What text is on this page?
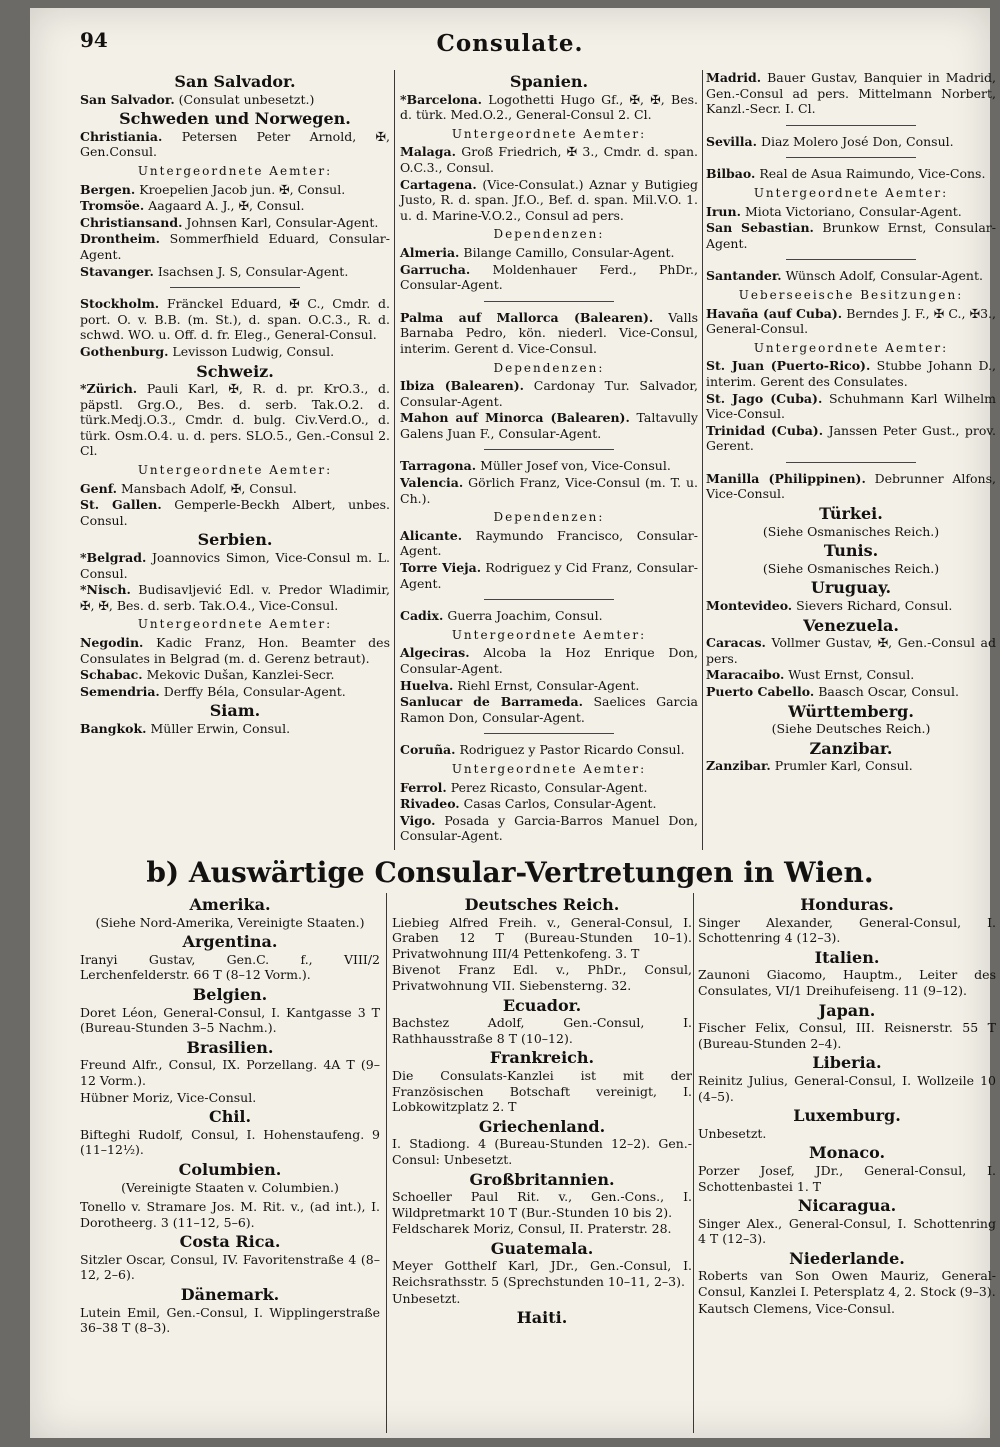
94	Consulate.
San Salvador.
San Salvador. (Consulat unbesetzt.)
Schweden und Norwegen.
Christiania. Petersen Peter Arnold, ✠, Gen.Consul.
Untergeordnete Aemter:
Bergen. Kroepelien Jacob jun. ✠, Consul.
Tromsöe. Aagaard A. J., ✠, Consul.
Christiansand. Johnsen Karl, Consular-Agent.
Drontheim. Sommerfhield Eduard, Consular-Agent.
Stavanger. Isachsen J. S, Consular-Agent.
Stockholm. Fränckel Eduard, ✠ C., Cmdr. d. port. O. v. B.B. (m. St.), d. span. O.C.3., R. d. schwd. WO. u. Off. d. fr. Eleg., General-Consul.
Gothenburg. Levisson Ludwig, Consul.
Schweiz.
*Zürich. Pauli Karl, ✠, R. d. pr. KrO.3., d. päpstl. Grg.O., Bes. d. serb. Tak.O.2. d. türk.Medj.O.3., Cmdr. d. bulg. Civ.Verd.O., d. türk. Osm.O.4. u. d. pers. SLO.5., Gen.-Consul 2. Cl.
Untergeordnete Aemter:
Genf. Mansbach Adolf, ✠, Consul.
St. Gallen. Gemperle-Beckh Albert, unbes. Consul.
Serbien.
*Belgrad. Joannovics Simon, Vice-Consul m. L. Consul.
*Nisch. Budisavljević Edl. v. Predor Wladimir, ✠, ✠, Bes. d. serb. Tak.O.4., Vice-Consul.
Untergeordnete Aemter:
Negodin. Kadic Franz, Hon. Beamter des Consulates in Belgrad (m. d. Gerenz betraut).
Schabac. Mekovic Dušan, Kanzlei-Secr.
Semendria. Derffy Béla, Consular-Agent.
Siam.
Bangkok. Müller Erwin, Consul.
Spanien.
*Barcelona. Logothetti Hugo Gf., ✠, ✠, Bes. d. türk. Med.O.2., General-Consul 2. Cl.
Untergeordnete Aemter:
Malaga. Groß Friedrich, ✠ 3., Cmdr. d. span. O.C.3., Consul.
Cartagena. (Vice-Consulat.) Aznar y Butigieg Justo, R. d. span. Jf.O., Bef. d. span. Mil.V.O. 1. u. d. Marine-V.O.2., Consul ad pers.
Dependenzen:
Almeria. Bilange Camillo, Consular-Agent.
Garrucha. Moldenhauer Ferd., PhDr., Consular-Agent.
Palma auf Mallorca (Balearen). Valls Barnaba Pedro, kön. niederl. Vice-Consul, interim. Gerent d. Vice-Consul.
Dependenzen:
Ibiza (Balearen). Cardonay Tur. Salvador, Consular-Agent.
Mahon auf Minorca (Balearen). Taltavully Galens Juan F., Consular-Agent.
Tarragona. Müller Josef von, Vice-Consul.
Valencia. Görlich Franz, Vice-Consul (m. T. u. Ch.).
Dependenzen:
Alicante. Raymundo Francisco, Consular-Agent.
Torre Vieja. Rodriguez y Cid Franz, Consular-Agent.
Cadix. Guerra Joachim, Consul.
Untergeordnete Aemter:
Algeciras. Alcoba la Hoz Enrique Don, Consular-Agent.
Huelva. Riehl Ernst, Consular-Agent.
Sanlucar de Barrameda. Saelices Garcia Ramon Don, Consular-Agent.
Coruña. Rodriguez y Pastor Ricardo Consul.
Untergeordnete Aemter:
Ferrol. Perez Ricasto, Consular-Agent.
Rivadeo. Casas Carlos, Consular-Agent.
Vigo. Posada y Garcia-Barros Manuel Don, Consular-Agent.
Madrid. Bauer Gustav, Banquier in Madrid, Gen.-Consul ad pers. Mittelmann Norbert, Kanzl.-Secr. I. Cl.
Sevilla. Diaz Molero José Don, Consul.
Bilbao. Real de Asua Raimundo, Vice-Cons.
Untergeordnete Aemter:
Irun. Miota Victoriano, Consular-Agent.
San Sebastian. Brunkow Ernst, Consular-Agent.
Santander. Wünsch Adolf, Consular-Agent.
Ueberseeische Besitzungen:
Havaña (auf Cuba). Berndes J. F., ✠ C., ✠3., General-Consul.
Untergeordnete Aemter:
St. Juan (Puerto-Rico). Stubbe Johann D., interim. Gerent des Consulates.
St. Jago (Cuba). Schuhmann Karl Wilhelm Vice-Consul.
Trinidad (Cuba). Janssen Peter Gust., prov. Gerent.
Manilla (Philippinen). Debrunner Alfons, Vice-Consul.
Türkei.
(Siehe Osmanisches Reich.)
Tunis.
(Siehe Osmanisches Reich.)
Uruguay.
Montevideo. Sievers Richard, Consul.
Venezuela.
Caracas. Vollmer Gustav, ✠, Gen.-Consul ad pers.
Maracaibo. Wust Ernst, Consul.
Puerto Cabello. Baasch Oscar, Consul.
Württemberg.
(Siehe Deutsches Reich.)
Zanzibar.
Zanzibar. Prumler Karl, Consul.
b) Auswärtige Consular-Vertretungen in Wien.
Amerika.
(Siehe Nord-Amerika, Vereinigte Staaten.)
Argentina.
Iranyi Gustav, Gen.C. f., VIII/2 Lerchenfelderstr. 66 T (8–12 Vorm.).
Belgien.
Doret Léon, General-Consul, I. Kantgasse 3 T (Bureau-Stunden 3–5 Nachm.).
Brasilien.
Freund Alfr., Consul, IX. Porzellang. 4A T (9–12 Vorm.).
Hübner Moriz, Vice-Consul.
Chil.
Bifteghi Rudolf, Consul, I. Hohenstaufeng. 9 (11–12½).
Columbien.
(Vereinigte Staaten v. Columbien.)
Tonello v. Stramare Jos. M. Rit. v., (ad int.), I. Dorotheerg. 3 (11–12, 5–6).
Costa Rica.
Sitzler Oscar, Consul, IV. Favoritenstraße 4 (8–12, 2–6).
Dänemark.
Lutein Emil, Gen.-Consul, I. Wipplingerstraße 36–38 T (8–3).
Deutsches Reich.
Liebieg Alfred Freih. v., General-Consul, I. Graben 12 T (Bureau-Stunden 10–1). Privatwohnung III/4 Pettenkofeng. 3. T
Bivenot Franz Edl. v., PhDr., Consul, Privatwohnung VII. Siebensterng. 32.
Ecuador.
Bachstez Adolf, Gen.-Consul, I. Rathhausstraße 8 T (10–12).
Frankreich.
Die Consulats-Kanzlei ist mit der Französischen Botschaft vereinigt, I. Lobkowitzplatz 2. T
Griechenland.
I. Stadiong. 4 (Bureau-Stunden 12–2). Gen.-Consul: Unbesetzt.
Großbritannien.
Schoeller Paul Rit. v., Gen.-Cons., I. Wildpretmarkt 10 T (Bur.-Stunden 10 bis 2).
Feldscharek Moriz, Consul, II. Praterstr. 28.
Guatemala.
Meyer Gotthelf Karl, JDr., Gen.-Consul, I. Reichsrathsstr. 5 (Sprechstunden 10–11, 2–3).
Unbesetzt.
Haiti.
Honduras.
Singer Alexander, General-Consul, I. Schottenring 4 (12–3).
Italien.
Zaunoni Giacomo, Hauptm., Leiter des Consulates, VI/1 Dreihufeiseng. 11 (9–12).
Japan.
Fischer Felix, Consul, III. Reisnerstr. 55 T (Bureau-Stunden 2–4).
Liberia.
Reinitz Julius, General-Consul, I. Wollzeile 10 (4–5).
Luxemburg.
Unbesetzt.
Monaco.
Porzer Josef, JDr., General-Consul, I. Schottenbastei 1. T
Nicaragua.
Singer Alex., General-Consul, I. Schottenring 4 T (12–3).
Niederlande.
Roberts van Son Owen Mauriz, General-Consul, Kanzlei I. Petersplatz 4, 2. Stock (9–3).
Kautsch Clemens, Vice-Consul.
